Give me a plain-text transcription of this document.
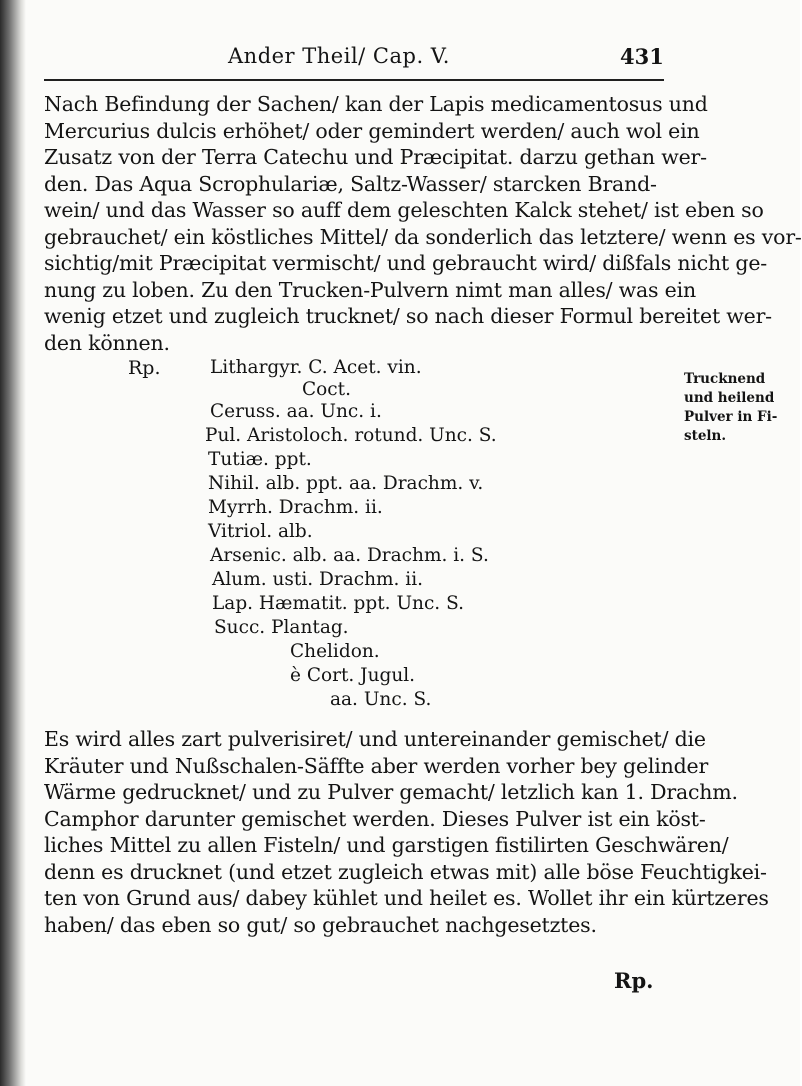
Ander Theil/ Cap. V.	431
Nach Befindung der Sachen/ kan der Lapis medicamentosus und
Mercurius dulcis erhöhet/ oder gemindert werden/ auch wol ein
Zusatz von der Terra Catechu und Præcipitat. darzu gethan wer-
den. Das Aqua Scrophulariæ, Saltz-Wasser/ starcken Brand-
wein/ und das Wasser so auff dem geleschten Kalck stehet/ ist eben so
gebrauchet/ ein köstliches Mittel/ da sonderlich das letztere/ wenn es vor-
sichtig/mit Præcipitat vermischt/ und gebraucht wird/ dißfals nicht ge-
nung zu loben. Zu den Trucken-Pulvern nimt man alles/ was ein
wenig etzet und zugleich trucknet/ so nach dieser Formul bereitet wer-
den können.
Rp.	Lithargyr. C. Acet. vin.
Coct.
Ceruss. aa. Unc. i.
Pul. Aristoloch. rotund. Unc. S.
Tutiæ. ppt.
Nihil. alb. ppt. aa. Drachm. v.
Myrrh. Drachm. ii.
Vitriol. alb.
Arsenic. alb. aa. Drachm. i. S.
Alum. usti. Drachm. ii.
Lap. Hæmatit. ppt. Unc. S.
Succ. Plantag.
Chelidon.
è Cort. Jugul.
aa. Unc. S.
Trucknend
und heilend
Pulver in Fi-
steln.
Es wird alles zart pulverisiret/ und untereinander gemischet/ die
Kräuter und Nußschalen-Säffte aber werden vorher bey gelinder
Wärme gedrucknet/ und zu Pulver gemacht/ letzlich kan 1. Drachm.
Camphor darunter gemischet werden. Dieses Pulver ist ein köst-
liches Mittel zu allen Fisteln/ und garstigen fistilirten Geschwären/
denn es drucknet (und etzet zugleich etwas mit) alle böse Feuchtigkei-
ten von Grund aus/ dabey kühlet und heilet es. Wollet ihr ein kürtzeres
haben/ das eben so gut/ so gebrauchet nachgesetztes.
Rp.
